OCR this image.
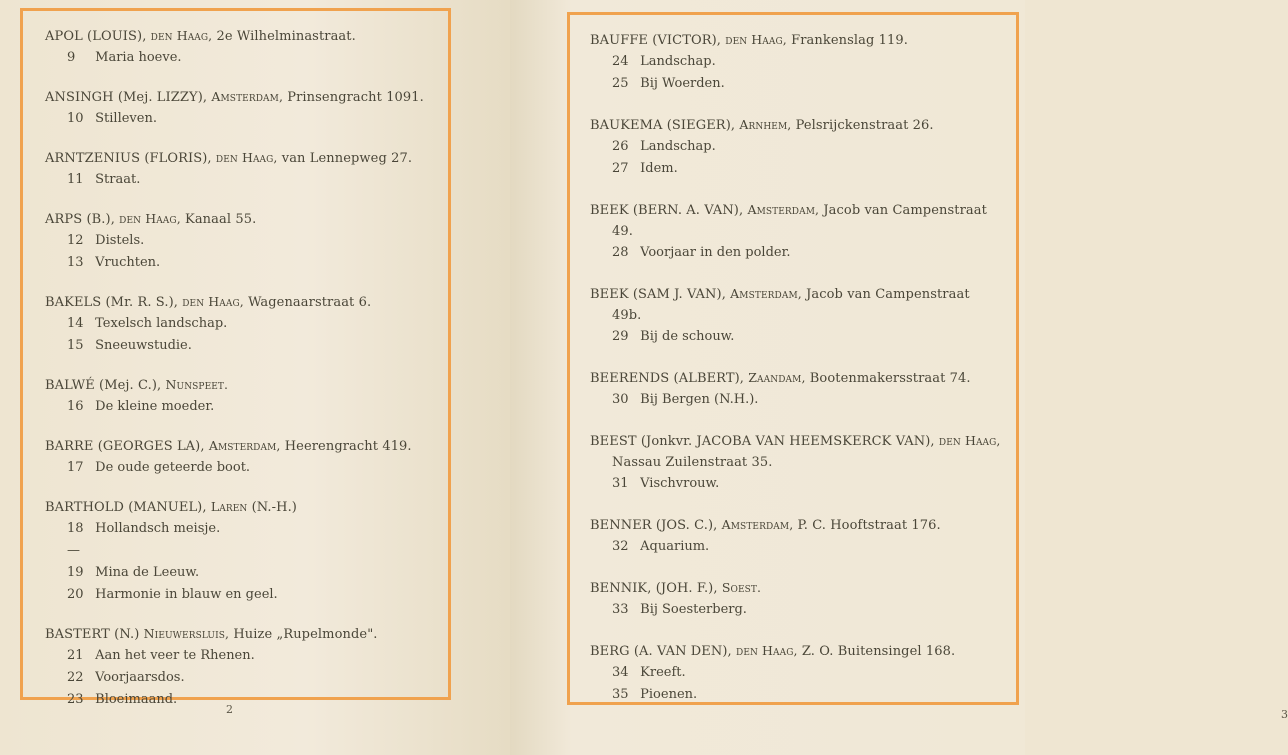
APOL (LOUIS), den Haag, 2e Wilhelminastraat.
9 Maria hoeve.
ANSINGH (Mej. LIZZY), Amsterdam, Prinsengracht 1091.
10 Stilleven.
ARNTZENIUS (FLORIS), den Haag, van Lennepweg 27.
11 Straat.
ARPS (B.), den Haag, Kanaal 55.
12 Distels.
13 Vruchten.
BAKELS (Mr. R. S.), den Haag, Wagenaarstraat 6.
14 Texelsch landschap.
15 Sneeuwstudie.
BALWÉ (Mej. C.), Nunspeet.
16 De kleine moeder.
BARRE (GEORGES LA), Amsterdam, Heerengracht 419.
17 De oude geteerde boot.
BARTHOLD (MANUEL), Laren (N.-H.)
18 Hollandsch meisje.
—19 Mina de Leeuw.
20 Harmonie in blauw en geel.
BASTERT (N.) Nieuwersluis, Huize „Rupelmonde".
21 Aan het veer te Rhenen.
22 Voorjaarsdos.
23 Bloeimaand.
2	3
BAUFFE (VICTOR), den Haag, Frankenslag 119.
24 Landschap.
25 Bij Woerden.
BAUKEMA (SIEGER), Arnhem, Pelsrijckenstraat 26.
26 Landschap.
27 Idem.
BEEK (BERN. A. VAN), Amsterdam, Jacob van Campenstraat 49.
28 Voorjaar in den polder.
BEEK (SAM J. VAN), Amsterdam, Jacob van Campenstraat 49b.
29 Bij de schouw.
BEERENDS (ALBERT), Zaandam, Bootenmakersstraat 74.
30 Bij Bergen (N.H.).
BEEST (Jonkvr. JACOBA VAN HEEMSKERCK VAN), den Haag, Nassau Zuilenstraat 35.
31 Vischvrouw.
BENNER (JOS. C.), Amsterdam, P. C. Hooftstraat 176.
32 Aquarium.
BENNIK, (JOH. F.), Soest.
33 Bij Soesterberg.
BERG (A. VAN DEN), den Haag, Z. O. Buitensingel 168.
34 Kreeft.
35 Pioenen.
